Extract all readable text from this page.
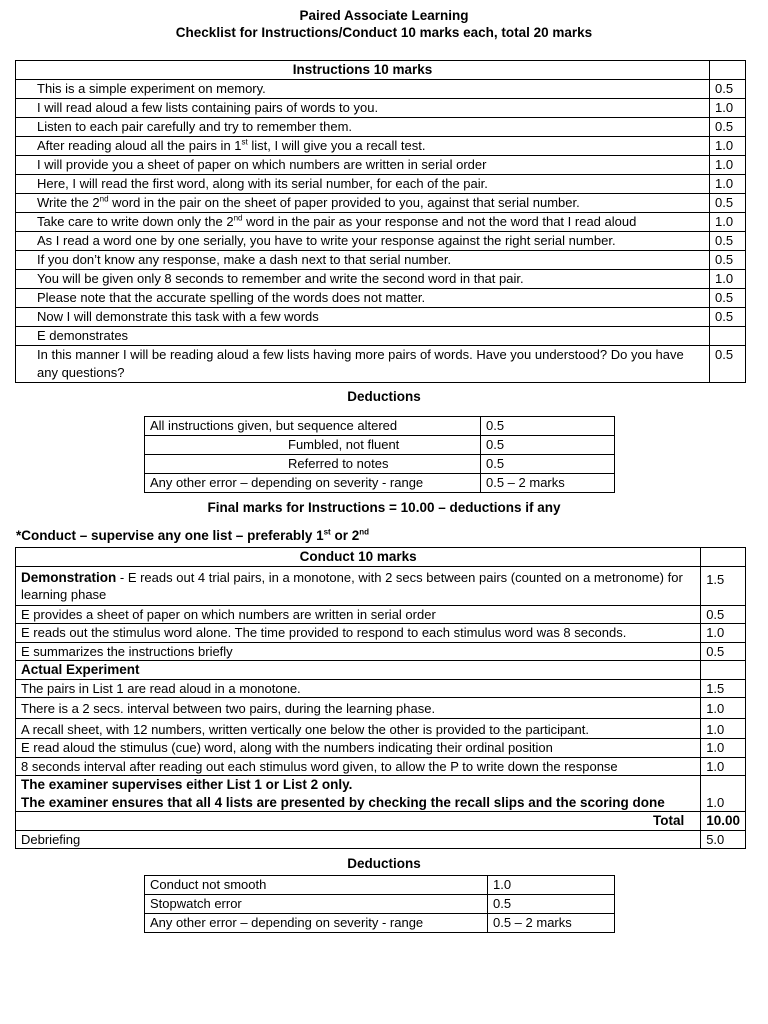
Paired Associate Learning
Checklist for Instructions/Conduct 10 marks each, total 20 marks
Instructions 10 marks	
This is a simple experiment on memory.	0.5
I will read aloud a few lists containing pairs of words to you.	1.0
Listen to each pair carefully and try to remember them.	0.5
After reading aloud all the pairs in 1st list, I will give you a recall test.	1.0
I will provide you a sheet of paper on which numbers are written in serial order	1.0
Here, I will read the first word, along with its serial number, for each of the pair.	1.0
Write the 2nd word in the pair on the sheet of paper provided to you, against that serial number.	0.5
Take care to write down only the 2nd word in the pair as your response and not the word that I read aloud	1.0
As I read a word one by one serially, you have to write your response against the right serial number.	0.5
If you don’t know any response, make a dash next to that serial number.	0.5
You will be given only 8 seconds to remember and write the second word in that pair.	1.0
Please note that the accurate spelling of the words does not matter.	0.5
Now I will demonstrate this task with a few words	0.5
E demonstrates	
In this manner I will be reading aloud a few lists having more pairs of words. Have you understood? Do you have any questions?	0.5
Deductions
All instructions given, but sequence altered	0.5
Fumbled, not fluent	0.5
Referred to notes	0.5
Any other error – depending on severity - range	0.5 – 2 marks
Final marks for Instructions = 10.00 – deductions if any
*Conduct – supervise any one list – preferably 1st or 2nd
Conduct 10 marks	
Demonstration - E reads out 4 trial pairs, in a monotone, with 2 secs between pairs (counted on a metronome) for learning phase	1.5
E provides a sheet of paper on which numbers are written in serial order	0.5
E reads out the stimulus word alone. The time provided to respond to each stimulus word was 8 seconds.	1.0
E summarizes the instructions briefly	0.5
Actual Experiment	
The pairs in List 1 are read aloud in a monotone.	1.5
There is a 2 secs. interval between two pairs, during the learning phase.	1.0
A recall sheet, with 12 numbers, written vertically one below the other is provided to the participant.	1.0
E read aloud the stimulus (cue) word, along with the numbers indicating their ordinal position	1.0
8 seconds interval after reading out each stimulus word given, to allow the P to write down the response	1.0

The examiner supervises either List 1 or List 2 only.
The examiner ensures that all 4 lists are presented by checking the recall slips and the scoring done	1.0
Total	10.00
Debriefing	5.0
Deductions
Conduct not smooth	1.0
Stopwatch error	0.5
Any other error – depending on severity - range	0.5 – 2 marks
